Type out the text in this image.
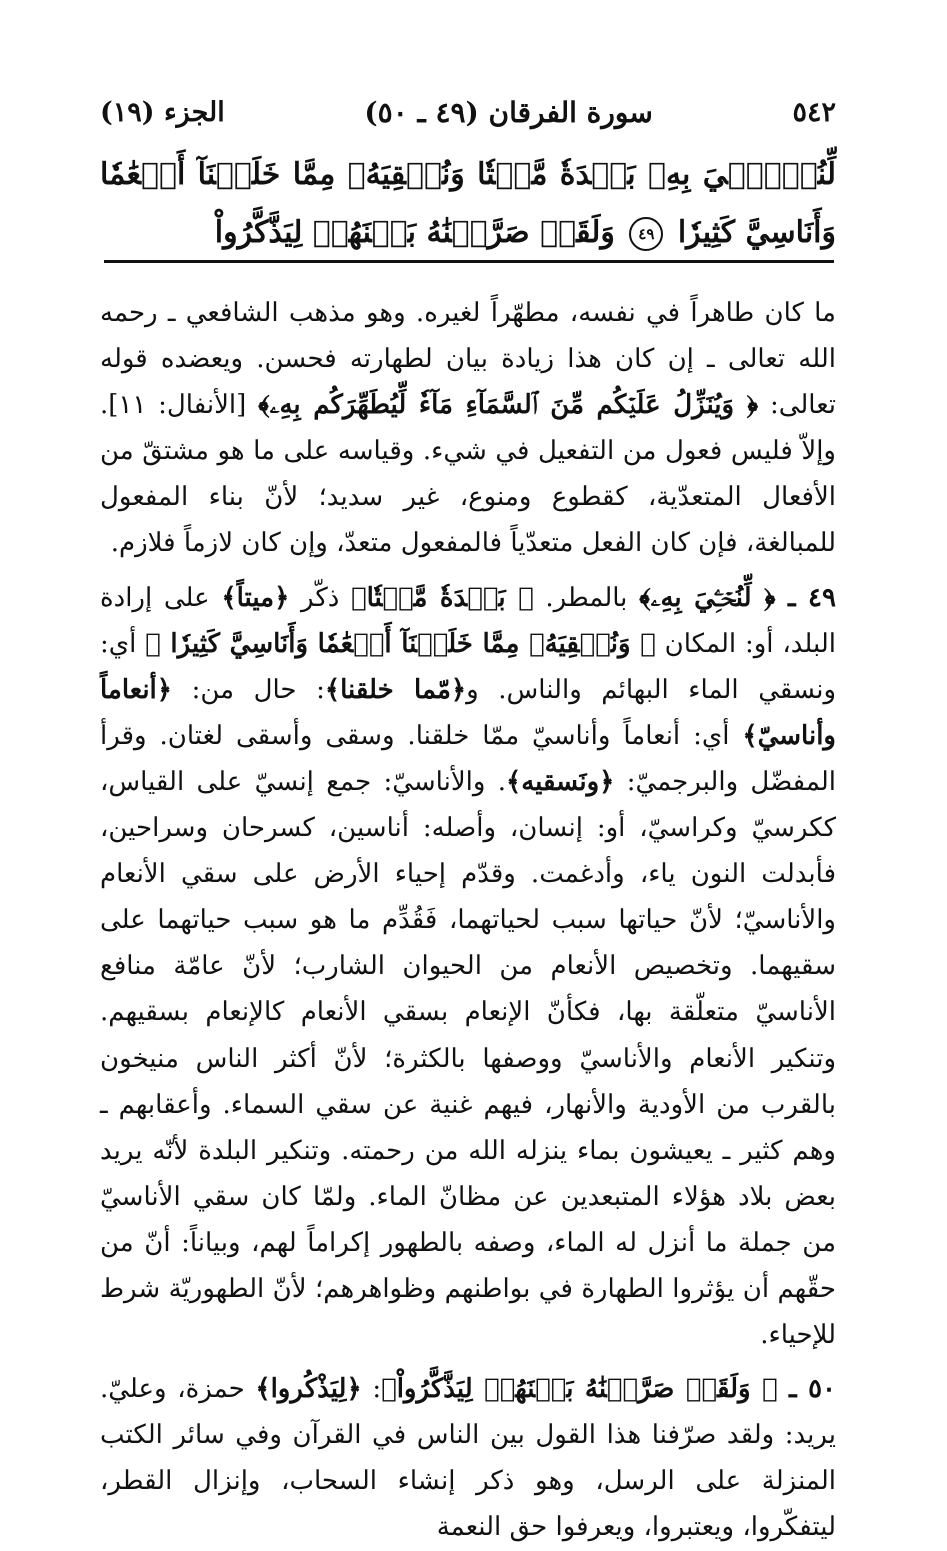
٥٤٢
سورة الفرقان (٤٩ ـ ٥٠)
الجزء (١٩)
لِّنُحۡـِۧيَ بِهِۦ بَلۡدَةٗ مَّيۡتٗا وَنُسۡقِيَهُۥ مِمَّا خَلَقۡنَآ أَنۡعَٰمٗا وَأَنَاسِيَّ كَثِيرٗا ٤٩ وَلَقَدۡ صَرَّفۡنَٰهُ بَيۡنَهُمۡ لِيَذَّكَّرُواْ

ما كان طاهراً في نفسه، مطهّراً لغيره. وهو مذهب الشافعي ـ رحمه الله تعالى ـ إن كان هذا زيادة بيان لطهارته فحسن. ويعضده قوله تعالى: ﴿ وَيُنَزِّلُ عَلَيۡكُم مِّنَ ٱلسَّمَآءِ مَآءٗ لِّيُطَهِّرَكُم بِهِۦ﴾ [الأنفال: ١١]. وإلاّ فليس فعول من التفعيل في شيء. وقياسه على ما هو مشتقّ من الأفعال المتعدّية، كقطوع ومنوع، غير سديد؛ لأنّ بناء المفعول للمبالغة، فإن كان الفعل متعدّياً فالمفعول متعدّ، وإن كان لازماً فلازم.

٤٩ ـ ﴿ لِّنُحۡـِۧيَ بِهِۦ﴾ بالمطر. ﴿ بَلۡدَةٗ مَّيۡتٗا﴾ ذكّر ﴿ميتاً﴾ على إرادة البلد، أو: المكان ﴿ وَنُسۡقِيَهُۥ مِمَّا خَلَقۡنَآ أَنۡعَٰمٗا وَأَنَاسِيَّ كَثِيرٗا ﴾ أي: ونسقي الماء البهائم والناس. و﴿مّما خلقنا﴾: حال من: ﴿أنعاماً وأناسيّ﴾ أي: أنعاماً وأناسيّ ممّا خلقنا. وسقى وأسقى لغتان. وقرأ المفضّل والبرجميّ: ﴿ونَسقيه﴾. والأناسيّ: جمع إنسيّ على القياس، ككرسيّ وكراسيّ، أو: إنسان، وأصله: أناسين، كسرحان وسراحين، فأبدلت النون ياء، وأدغمت. وقدّم إحياء الأرض على سقي الأنعام والأناسيّ؛ لأنّ حياتها سبب لحياتهما، فَقُدِّم ما هو سبب حياتهما على سقيهما. وتخصيص الأنعام من الحيوان الشارب؛ لأنّ عامّة منافع الأناسيّ متعلّقة بها، فكأنّ الإنعام بسقي الأنعام كالإنعام بسقيهم. وتنكير الأنعام والأناسيّ ووصفها بالكثرة؛ لأنّ أكثر الناس منيخون بالقرب من الأودية والأنهار، فيهم غنية عن سقي السماء. وأعقابهم ـ وهم كثير ـ يعيشون بماء ينزله الله من رحمته. وتنكير البلدة لأنّه يريد بعض بلاد هؤلاء المتبعدين عن مظانّ الماء. ولمّا كان سقي الأناسيّ من جملة ما أنزل له الماء، وصفه بالطهور إكراماً لهم، وبياناً: أنّ من حقّهم أن يؤثروا الطهارة في بواطنهم وظواهرهم؛ لأنّ الطهوريّة شرط للإحياء.

٥٠ ـ ﴿ وَلَقَدۡ صَرَّفۡنَٰهُ بَيۡنَهُمۡ لِيَذَّكَّرُواْ﴾: ﴿لِيَذْكُروا﴾ حمزة، وعليّ. يريد: ولقد صرّفنا هذا القول بين الناس في القرآن وفي سائر الكتب المنزلة على الرسل، وهو ذكر إنشاء السحاب، وإنزال القطر، ليتفكّروا، ويعتبروا، ويعرفوا حق النعمة
